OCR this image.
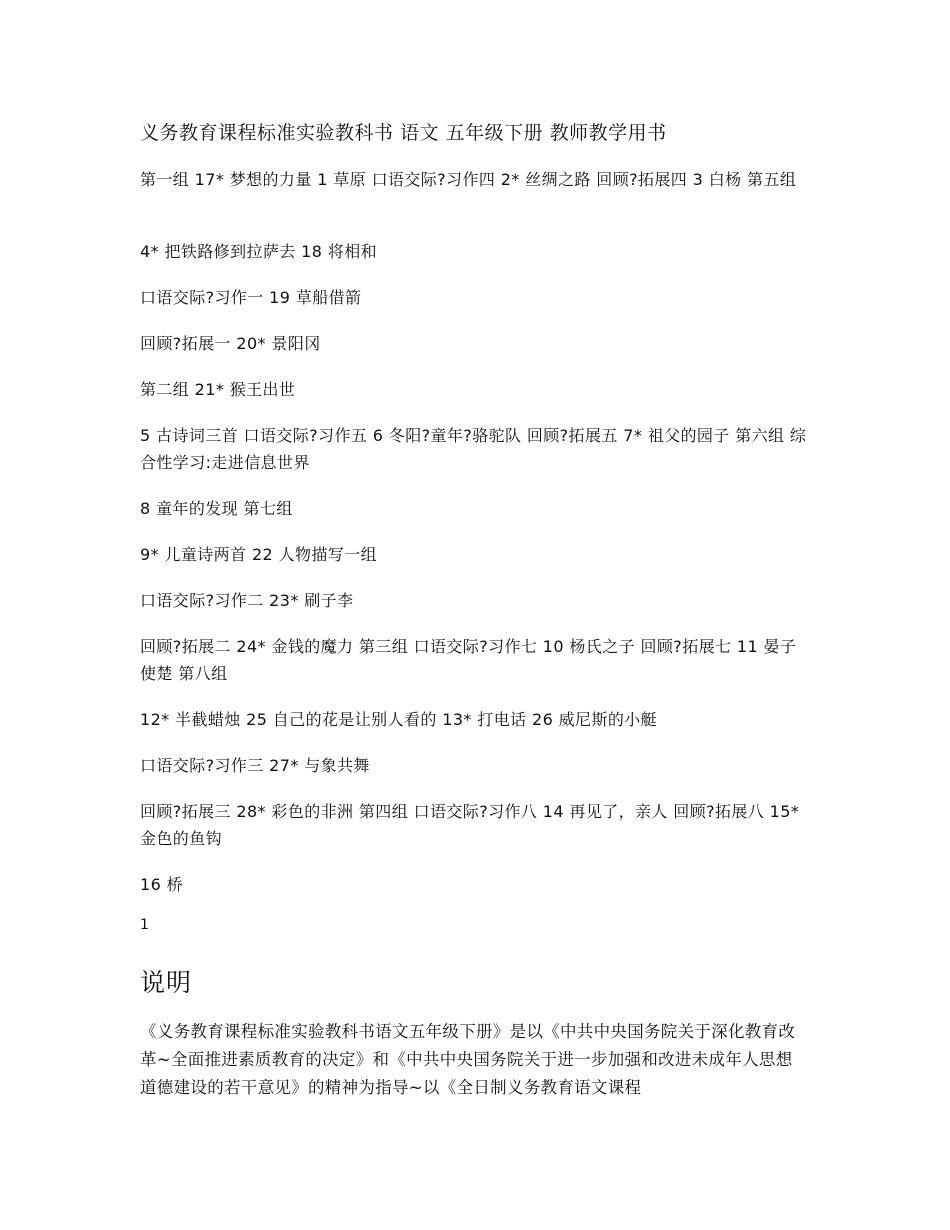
义务教育课程标准实验教科书 语文 五年级下册 教师教学用书
第一组 17* 梦想的力量 1 草原 口语交际?习作四 2* 丝绸之路 回顾?拓展四 3 白杨 第五组
4* 把铁路修到拉萨去 18 将相和
口语交际?习作一 19 草船借箭
回顾?拓展一 20* 景阳冈
第二组 21* 猴王出世
5 古诗词三首 口语交际?习作五 6 冬阳?童年?骆驼队 回顾?拓展五 7* 祖父的园子 第六组 综合性学习:走进信息世界
8 童年的发现 第七组
9* 儿童诗两首 22 人物描写一组
口语交际?习作二 23* 刷子李
回顾?拓展二 24* 金钱的魔力 第三组 口语交际?习作七 10 杨氏之子 回顾?拓展七 11 晏子使楚 第八组
12* 半截蜡烛 25 自己的花是让别人看的 13* 打电话 26 威尼斯的小艇
口语交际?习作三 27* 与象共舞
回顾?拓展三 28* 彩色的非洲 第四组 口语交际?习作八 14 再见了，亲人 回顾?拓展八 15* 金色的鱼钩
16 桥
1
说明
《义务教育课程标准实验教科书语文五年级下册》是以《中共中央国务院关于深化教育改革~全面推进素质教育的决定》和《中共中央国务院关于进一步加强和改进未成年人思想道德建设的若干意见》的精神为指导~以《全日制义务教育语文课程
